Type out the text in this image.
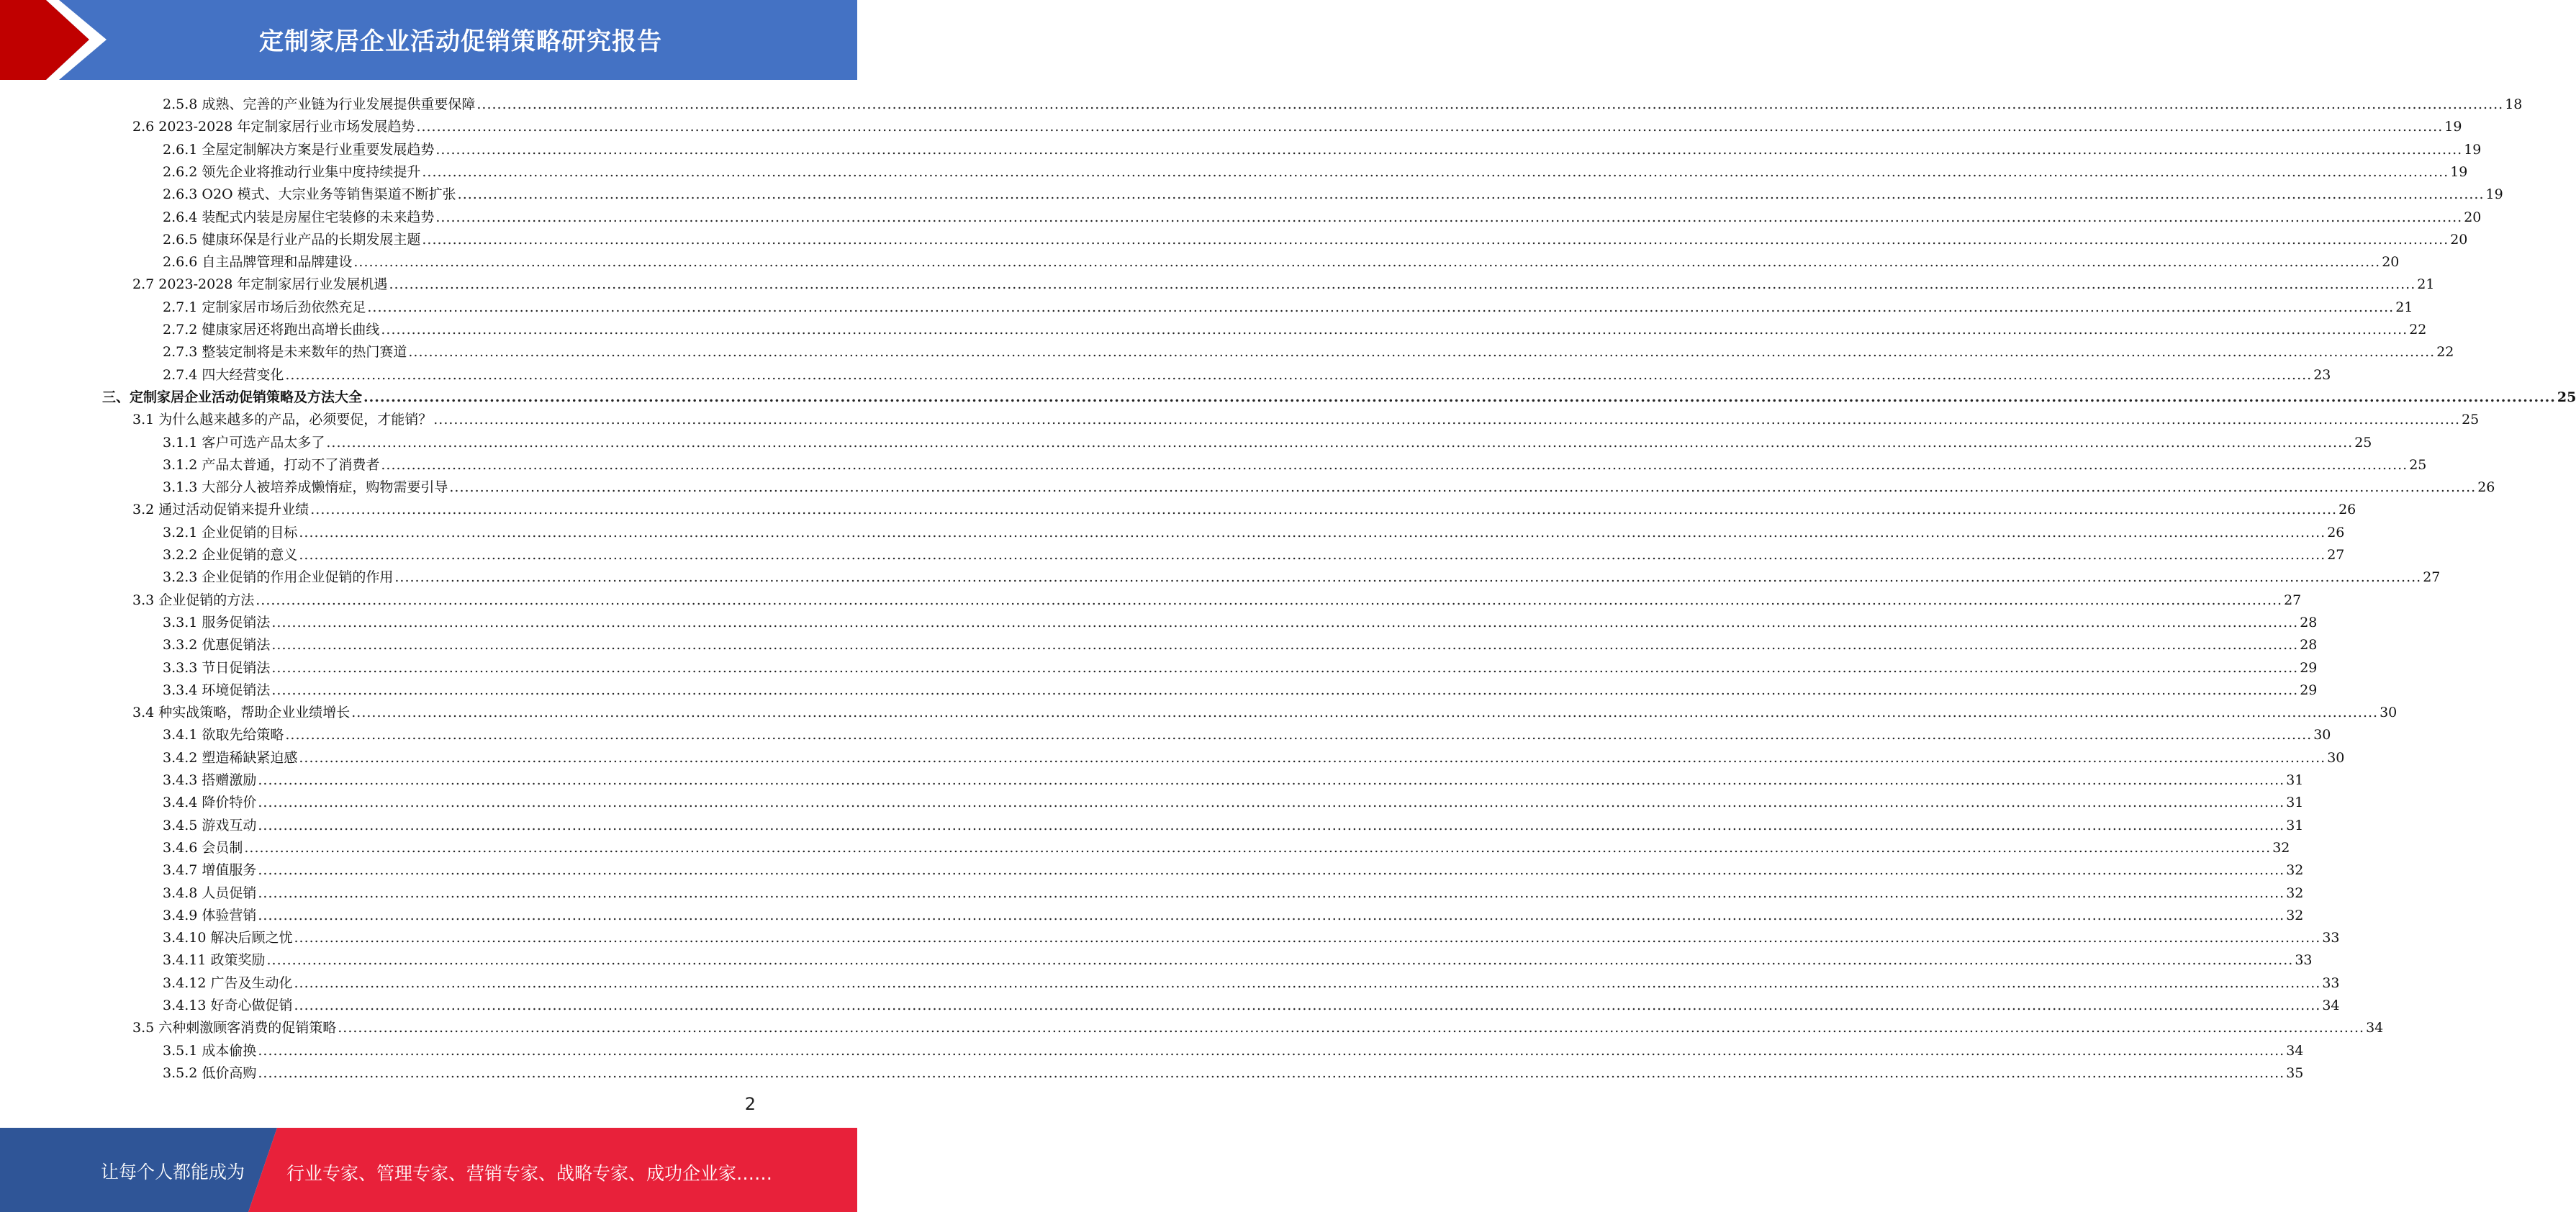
定制家居企业活动促销策略研究报告
2.5.8 成熟、完善的产业链为行业发展提供重要保障 ................................................................................................................................................................................................................................................................................................................................................................................................................ 18
2.6 2023-2028 年定制家居行业市场发展趋势 ................................................................................................................................................................................................................................................................................................................................................................................................................ 19
2.6.1 全屋定制解决方案是行业重要发展趋势 ................................................................................................................................................................................................................................................................................................................................................................................................................ 19
2.6.2 领先企业将推动行业集中度持续提升 ................................................................................................................................................................................................................................................................................................................................................................................................................ 19
2.6.3 O2O 模式、大宗业务等销售渠道不断扩张 ................................................................................................................................................................................................................................................................................................................................................................................................................ 19
2.6.4 装配式内装是房屋住宅装修的未来趋势 ................................................................................................................................................................................................................................................................................................................................................................................................................ 20
2.6.5 健康环保是行业产品的长期发展主题 ................................................................................................................................................................................................................................................................................................................................................................................................................ 20
2.6.6 自主品牌管理和品牌建设 ................................................................................................................................................................................................................................................................................................................................................................................................................ 20
2.7 2023-2028 年定制家居行业发展机遇 ................................................................................................................................................................................................................................................................................................................................................................................................................ 21
2.7.1 定制家居市场后劲依然充足 ................................................................................................................................................................................................................................................................................................................................................................................................................ 21
2.7.2 健康家居还将跑出高增长曲线 ................................................................................................................................................................................................................................................................................................................................................................................................................ 22
2.7.3 整装定制将是未来数年的热门赛道 ................................................................................................................................................................................................................................................................................................................................................................................................................ 22
2.7.4 四大经营变化 ................................................................................................................................................................................................................................................................................................................................................................................................................ 23
三、定制家居企业活动促销策略及方法大全 ................................................................................................................................................................................................................................................................................................................................................................................................................ 25
3.1 为什么越来越多的产品，必须要促，才能销？ ................................................................................................................................................................................................................................................................................................................................................................................................................ 25
3.1.1 客户可选产品太多了 ................................................................................................................................................................................................................................................................................................................................................................................................................ 25
3.1.2 产品太普通，打动不了消费者 ................................................................................................................................................................................................................................................................................................................................................................................................................ 25
3.1.3 大部分人被培养成懒惰症，购物需要引导 ................................................................................................................................................................................................................................................................................................................................................................................................................ 26
3.2 通过活动促销来提升业绩 ................................................................................................................................................................................................................................................................................................................................................................................................................ 26
3.2.1 企业促销的目标 ................................................................................................................................................................................................................................................................................................................................................................................................................ 26
3.2.2 企业促销的意义 ................................................................................................................................................................................................................................................................................................................................................................................................................ 27
3.2.3 企业促销的作用企业促销的作用 ................................................................................................................................................................................................................................................................................................................................................................................................................ 27
3.3 企业促销的方法 ................................................................................................................................................................................................................................................................................................................................................................................................................ 27
3.3.1 服务促销法 ................................................................................................................................................................................................................................................................................................................................................................................................................ 28
3.3.2 优惠促销法 ................................................................................................................................................................................................................................................................................................................................................................................................................ 28
3.3.3 节日促销法 ................................................................................................................................................................................................................................................................................................................................................................................................................ 29
3.3.4 环境促销法 ................................................................................................................................................................................................................................................................................................................................................................................................................ 29
3.4 种实战策略，帮助企业业绩增长 ................................................................................................................................................................................................................................................................................................................................................................................................................ 30
3.4.1 欲取先给策略 ................................................................................................................................................................................................................................................................................................................................................................................................................ 30
3.4.2 塑造稀缺紧迫感 ................................................................................................................................................................................................................................................................................................................................................................................................................ 30
3.4.3 搭赠激励 ................................................................................................................................................................................................................................................................................................................................................................................................................ 31
3.4.4 降价特价 ................................................................................................................................................................................................................................................................................................................................................................................................................ 31
3.4.5 游戏互动 ................................................................................................................................................................................................................................................................................................................................................................................................................ 31
3.4.6 会员制 ................................................................................................................................................................................................................................................................................................................................................................................................................ 32
3.4.7 增值服务 ................................................................................................................................................................................................................................................................................................................................................................................................................ 32
3.4.8 人员促销 ................................................................................................................................................................................................................................................................................................................................................................................................................ 32
3.4.9 体验营销 ................................................................................................................................................................................................................................................................................................................................................................................................................ 32
3.4.10 解决后顾之忧 ................................................................................................................................................................................................................................................................................................................................................................................................................ 33
3.4.11 政策奖励 ................................................................................................................................................................................................................................................................................................................................................................................................................ 33
3.4.12 广告及生动化 ................................................................................................................................................................................................................................................................................................................................................................................................................ 33
3.4.13 好奇心做促销 ................................................................................................................................................................................................................................................................................................................................................................................................................ 34
3.5 六种刺激顾客消费的促销策略 ................................................................................................................................................................................................................................................................................................................................................................................................................ 34
3.5.1 成本偷换 ................................................................................................................................................................................................................................................................................................................................................................................................................ 34
3.5.2 低价高购 ................................................................................................................................................................................................................................................................................................................................................................................................................ 35
2
让每个人都能成为 行业专家、管理专家、营销专家、战略专家、成功企业家……
